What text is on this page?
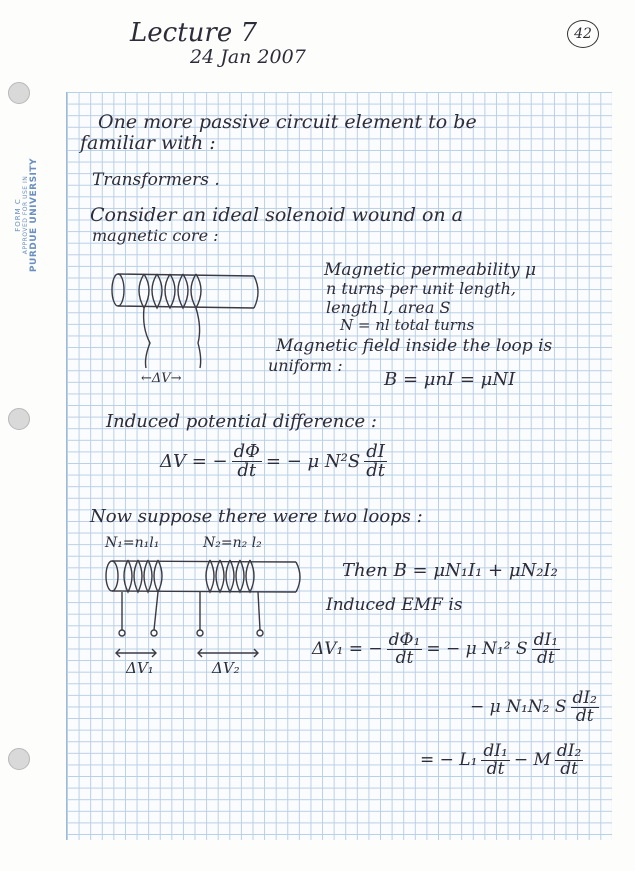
FORM C APPROVED FOR USE IN PURDUE UNIVERSITY
Lecture 7
24 Jan 2007
42
One more passive circuit element to be
familiar with :
Transformers .
Consider an ideal solenoid wound on a
magnetic core :
←ΔV→
Magnetic permeability μ
n turns per unit length,
length l, area S
N = nl total turns
Magnetic field inside the loop is
uniform :
B = μnI = μNI
Induced potential difference :
ΔV = − $\frac{d\Phi}{dt}$ = − μ $N^2S \frac{dI}{dt}$
Now suppose there were two loops :
N₁=n₁l₁	N₂=n₂ l₂
ΔV₁	ΔV₂
Then B = μN₁I₁ + μN₂I₂
Induced EMF is
ΔV₁ = − $\frac{\text{dΦ₁}}{dt}$ = − μ N₁² S $\frac{\text{dI₁}}{dt}$
− μ N₁N₂ S $\frac{\text{dI₂}}{dt}$
= − $L_1 \frac{\text{dI₁}}{dt} - M \frac{\text{dI₂}}{dt}$
